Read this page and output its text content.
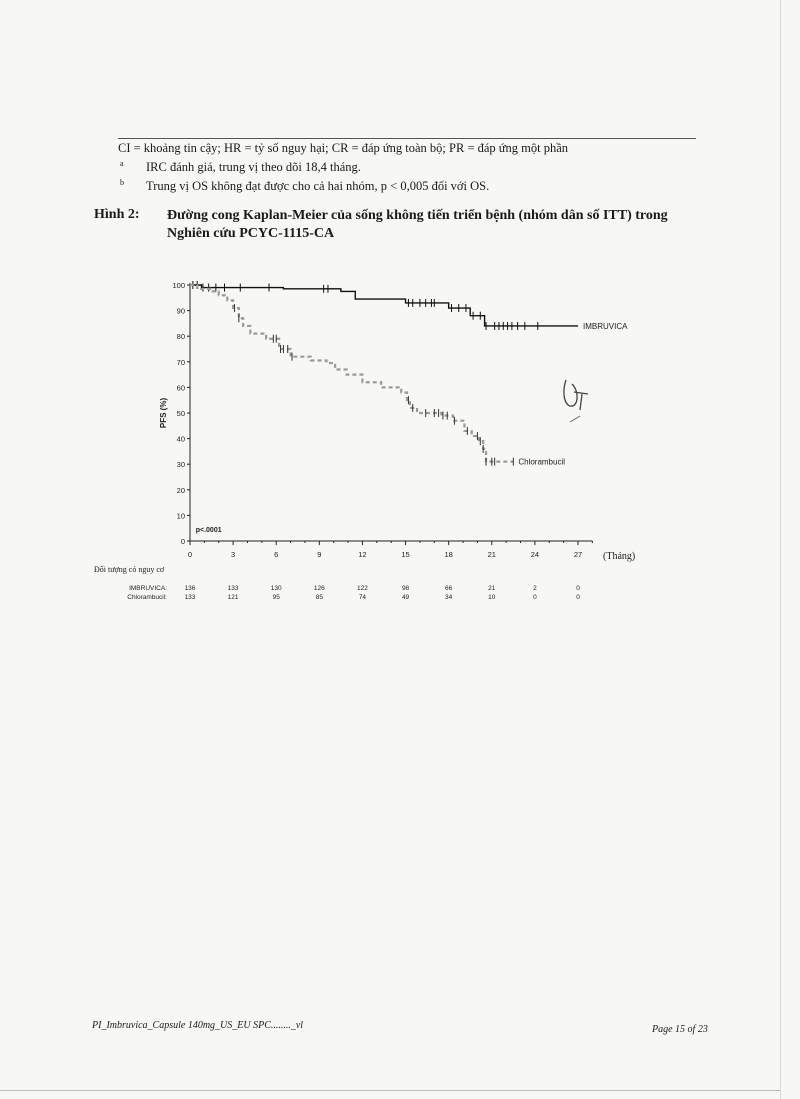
CI = khoảng tin cậy; HR = tỷ số nguy hại; CR = đáp ứng toàn bộ; PR = đáp ứng một phần
a IRC đánh giá, trung vị theo dõi 18,4 tháng.
b Trung vị OS không đạt được cho cả hai nhóm, p < 0,005 đối với OS.
Hình 2: Đường cong Kaplan-Meier của sống không tiến triển bệnh (nhóm dân số ITT) trong Nghiên cứu PCYC-1115-CA
0
10
20
30
40
50
60
70
80
90
100
0	3	6	9	12	15	18	21	24	27 (Tháng)
PFS (%)
p<.0001
IMBRUVICA
Chlorambucil
Đối tượng có nguy cơ
IMBRUVICA:	136	133	130	126	122	98	66	21	2	0
Chlorambucil:	133	121	95	85	74	49	34	10	0	0
PI_Imbruvica_Capsule 140mg_US_EU SPC........_vl	Page 15 of 23
